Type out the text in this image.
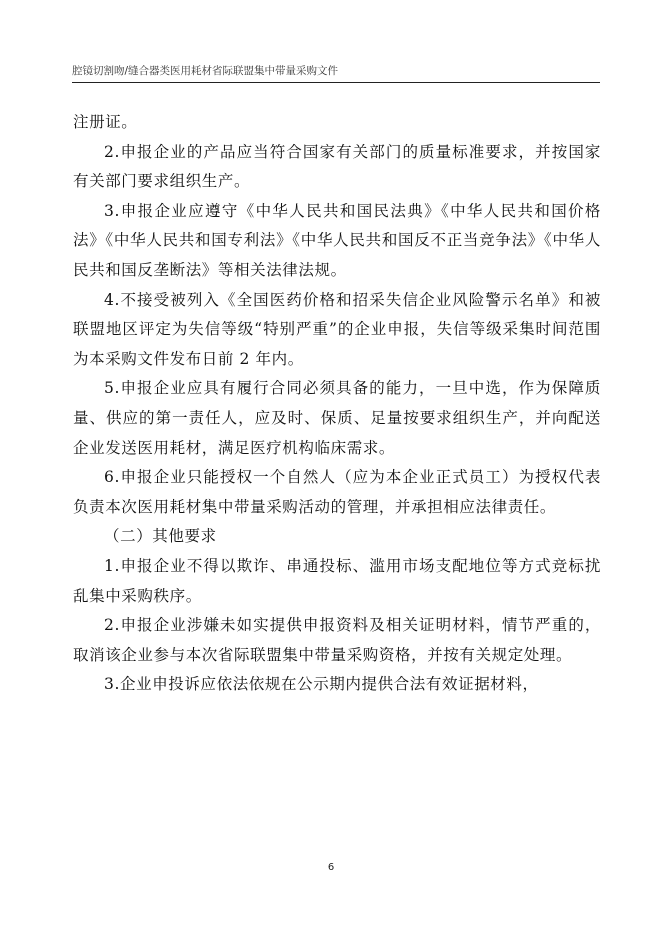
腔镜切割吻/缝合器类医用耗材省际联盟集中带量采购文件

注册证。

2.申报企业的产品应当符合国家有关部门的质量标准要求，并按国家有关部门要求组织生产。

3.申报企业应遵守《中华人民共和国民法典》《中华人民共和国价格法》《中华人民共和国专利法》《中华人民共和国反不正当竞争法》《中华人民共和国反垄断法》等相关法律法规。

4.不接受被列入《全国医药价格和招采失信企业风险警示名单》和被联盟地区评定为失信等级“特别严重”的企业申报，失信等级采集时间范围为本采购文件发布日前 2 年内。

5.申报企业应具有履行合同必须具备的能力，一旦中选，作为保障质量、供应的第一责任人，应及时、保质、足量按要求组织生产，并向配送企业发送医用耗材，满足医疗机构临床需求。

6.申报企业只能授权一个自然人（应为本企业正式员工）为授权代表负责本次医用耗材集中带量采购活动的管理，并承担相应法律责任。

（二）其他要求

1.申报企业不得以欺诈、串通投标、滥用市场支配地位等方式竞标扰乱集中采购秩序。

2.申报企业涉嫌未如实提供申报资料及相关证明材料，情节严重的，取消该企业参与本次省际联盟集中带量采购资格，并按有关规定处理。

3.企业申投诉应依法依规在公示期内提供合法有效证据材料，

6
